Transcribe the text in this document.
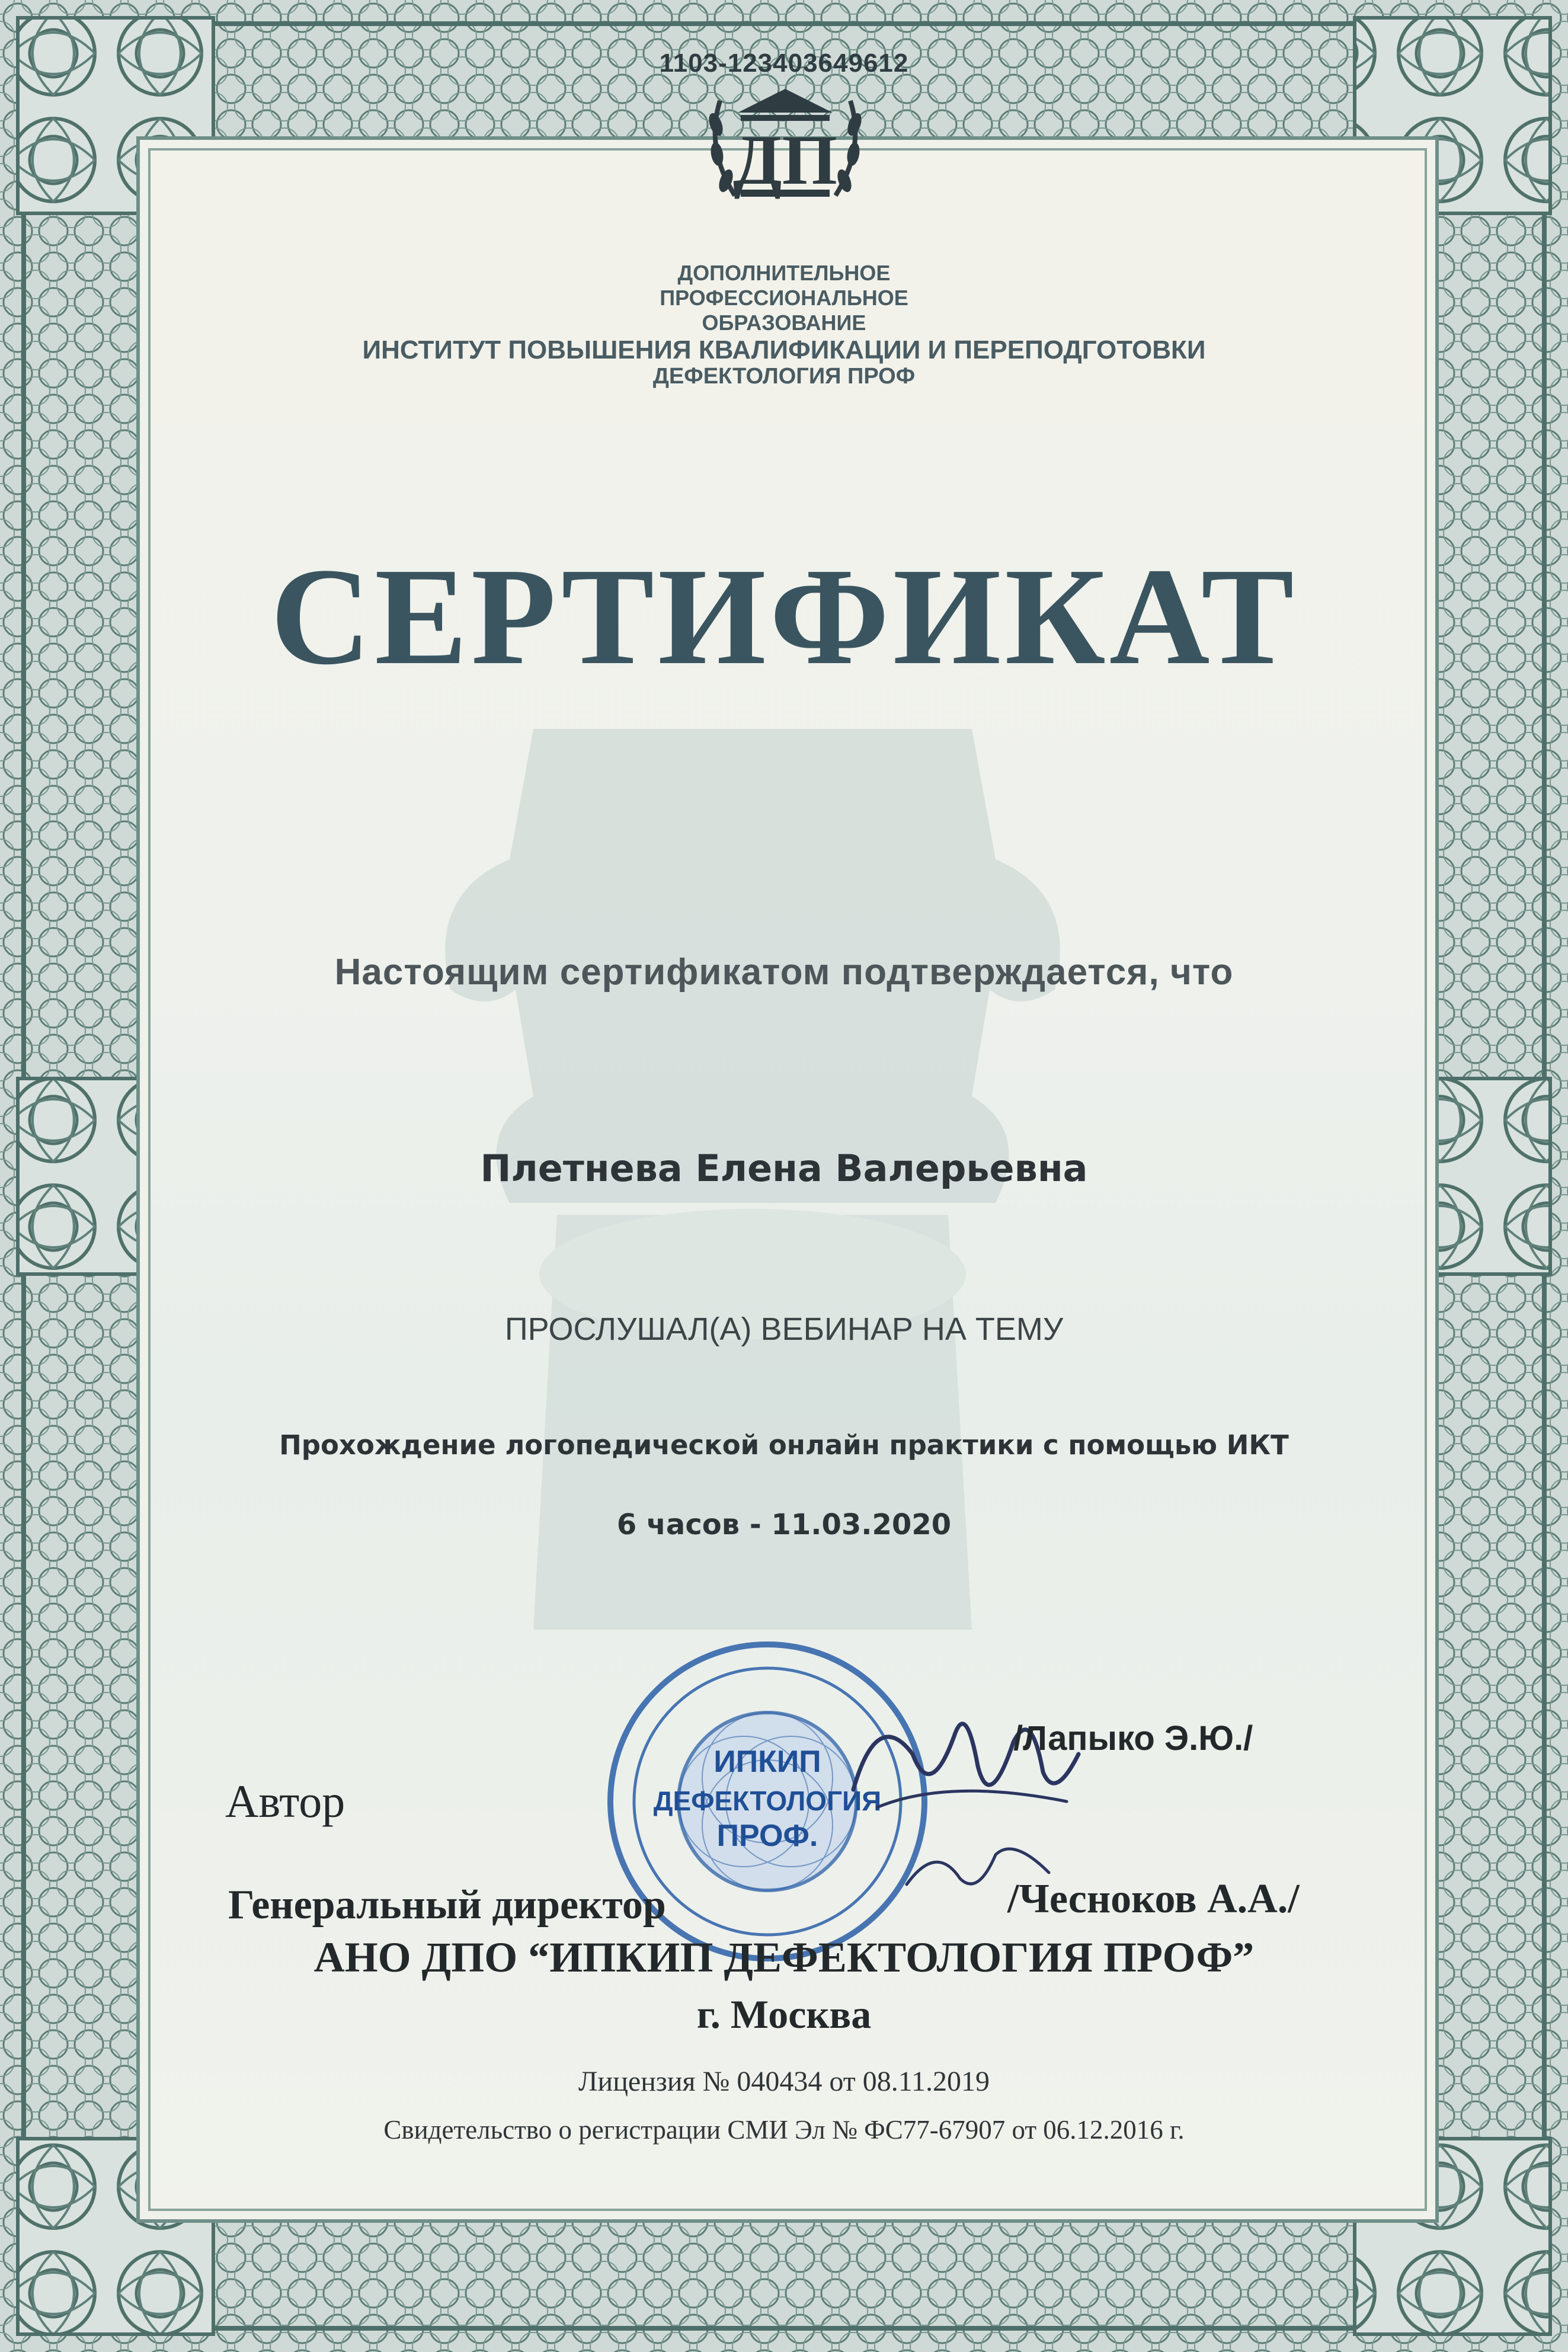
1103-123403649612
ДП
ДОПОЛНИТЕЛЬНОЕ
ПРОФЕССИОНАЛЬНОЕ
ОБРАЗОВАНИЕ
ИНСТИТУТ ПОВЫШЕНИЯ КВАЛИФИКАЦИИ И ПЕРЕПОДГОТОВКИ
ДЕФЕКТОЛОГИЯ ПРОФ
СЕРТИФИКАТ
Настоящим сертификатом подтверждается, что
Плетнева Елена Валерьевна
ПРОСЛУШАЛ(А) ВЕБИНАР НА ТЕМУ
Прохождение логопедической онлайн практики с помощью ИКТ
6 часов - 11.03.2020
ИПКИП
ДЕФЕКТОЛОГИЯ
ПРОФ.
/Лапыко Э.Ю./
Автор
Генеральный директор	/Чесноков А.А./
АНО ДПО “ИПКИП ДЕФЕКТОЛОГИЯ ПРОФ”
г. Москва
Лицензия № 040434 от 08.11.2019
Свидетельство о регистрации СМИ Эл № ФС77-67907 от 06.12.2016 г.
